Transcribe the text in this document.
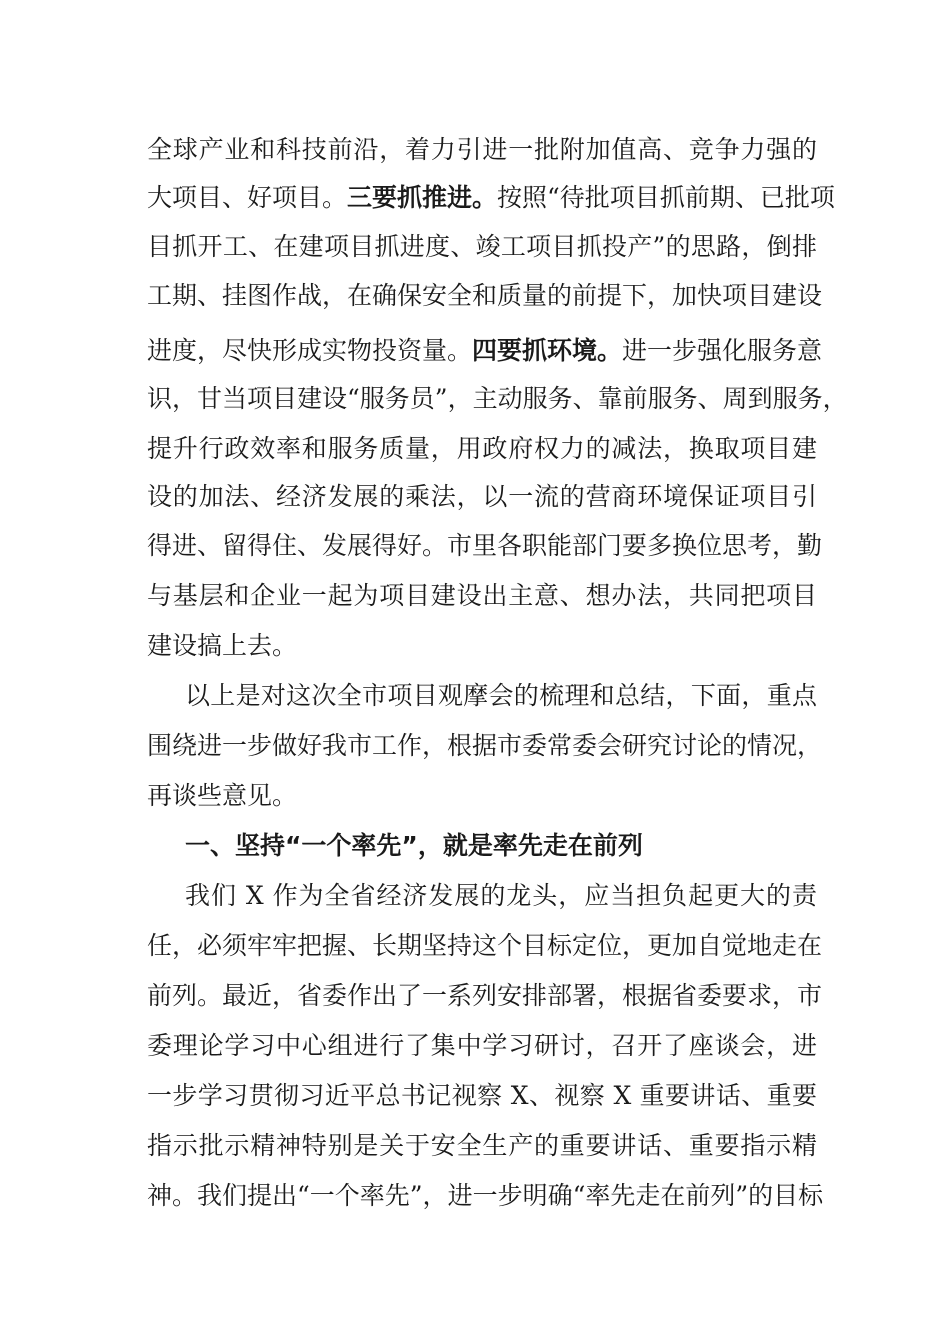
全球产业和科技前沿，着力引进一批附加值高、竞争力强的
大项目、好项目。三要抓推进。按照“待批项目抓前期、已批项
目抓开工、在建项目抓进度、竣工项目抓投产”的思路，倒排
工期、挂图作战，在确保安全和质量的前提下，加快项目建设
进度，尽快形成实物投资量。四要抓环境。进一步强化服务意
识，甘当项目建设“服务员”，主动服务、靠前服务、周到服务，
提升行政效率和服务质量，用政府权力的减法，换取项目建
设的加法、经济发展的乘法，以一流的营商环境保证项目引
得进、留得住、发展得好。市里各职能部门要多换位思考，勤
与基层和企业一起为项目建设出主意、想办法，共同把项目
建设搞上去。
以上是对这次全市项目观摩会的梳理和总结，下面，重点
围绕进一步做好我市工作，根据市委常委会研究讨论的情况，
再谈些意见。
一、坚持“一个率先”，就是率先走在前列
我们 X 作为全省经济发展的龙头，应当担负起更大的责
任，必须牢牢把握、长期坚持这个目标定位，更加自觉地走在
前列。最近，省委作出了一系列安排部署，根据省委要求，市
委理论学习中心组进行了集中学习研讨，召开了座谈会，进
一步学习贯彻习近平总书记视察 X、视察 X 重要讲话、重要
指示批示精神特别是关于安全生产的重要讲话、重要指示精
神。我们提出“一个率先”，进一步明确“率先走在前列”的目标
